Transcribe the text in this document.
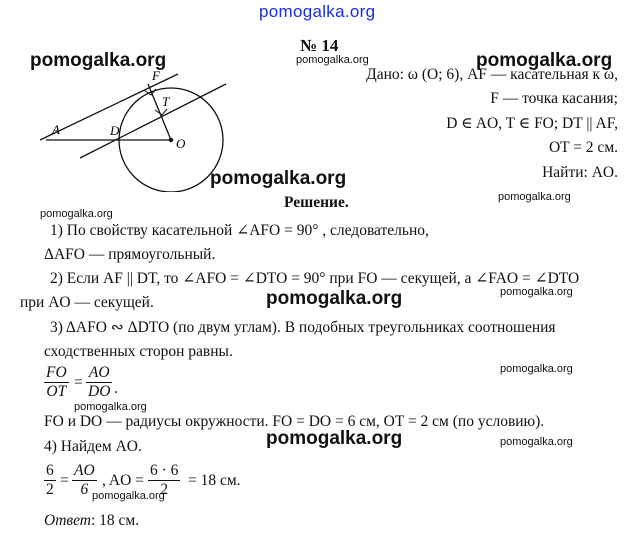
pomogalka.org
F
T
A	D
O
№ 14
pomogalka.org	pomogalka.org
pomogalka.org
Дано: ω (O; 6), AF — касательная к ω,
F — точка касания;
D ∈ AO, T ∈ FO; DT || AF,
OT = 2 см.
Найти: AO.
pomogalka.org
pomogalka.org
Решение.
pomogalka.org
1) По свойству касательной ∠AFO = 90° , следовательно,
ΔAFO — прямоугольный.
2) Если AF || DT, то ∠AFO = ∠DTO = 90° при FO — секущей, а ∠FAO = ∠DTO
pomogalka.org
при AO — секущей.	pomogalka.org
3) ΔAFO ∾ ΔDTO (по двум углам). В подобных треугольниках соотношения
сходственных сторон равны.
$\frac{FO}{OT} = \frac{AO}{DO}$ .
pomogalka.org
pomogalka.org
FO и DO — радиусы окружности. FO = DO = 6 см, OT = 2 см (по условию).
pomogalka.org	pomogalka.org
4) Найдем AO.
$\frac{6}{2} = \frac{AO}{6}$ , AO = $\frac{6 \cdot 6}{2} = 18$ см.
pomogalka.org
Ответ: 18 см.
